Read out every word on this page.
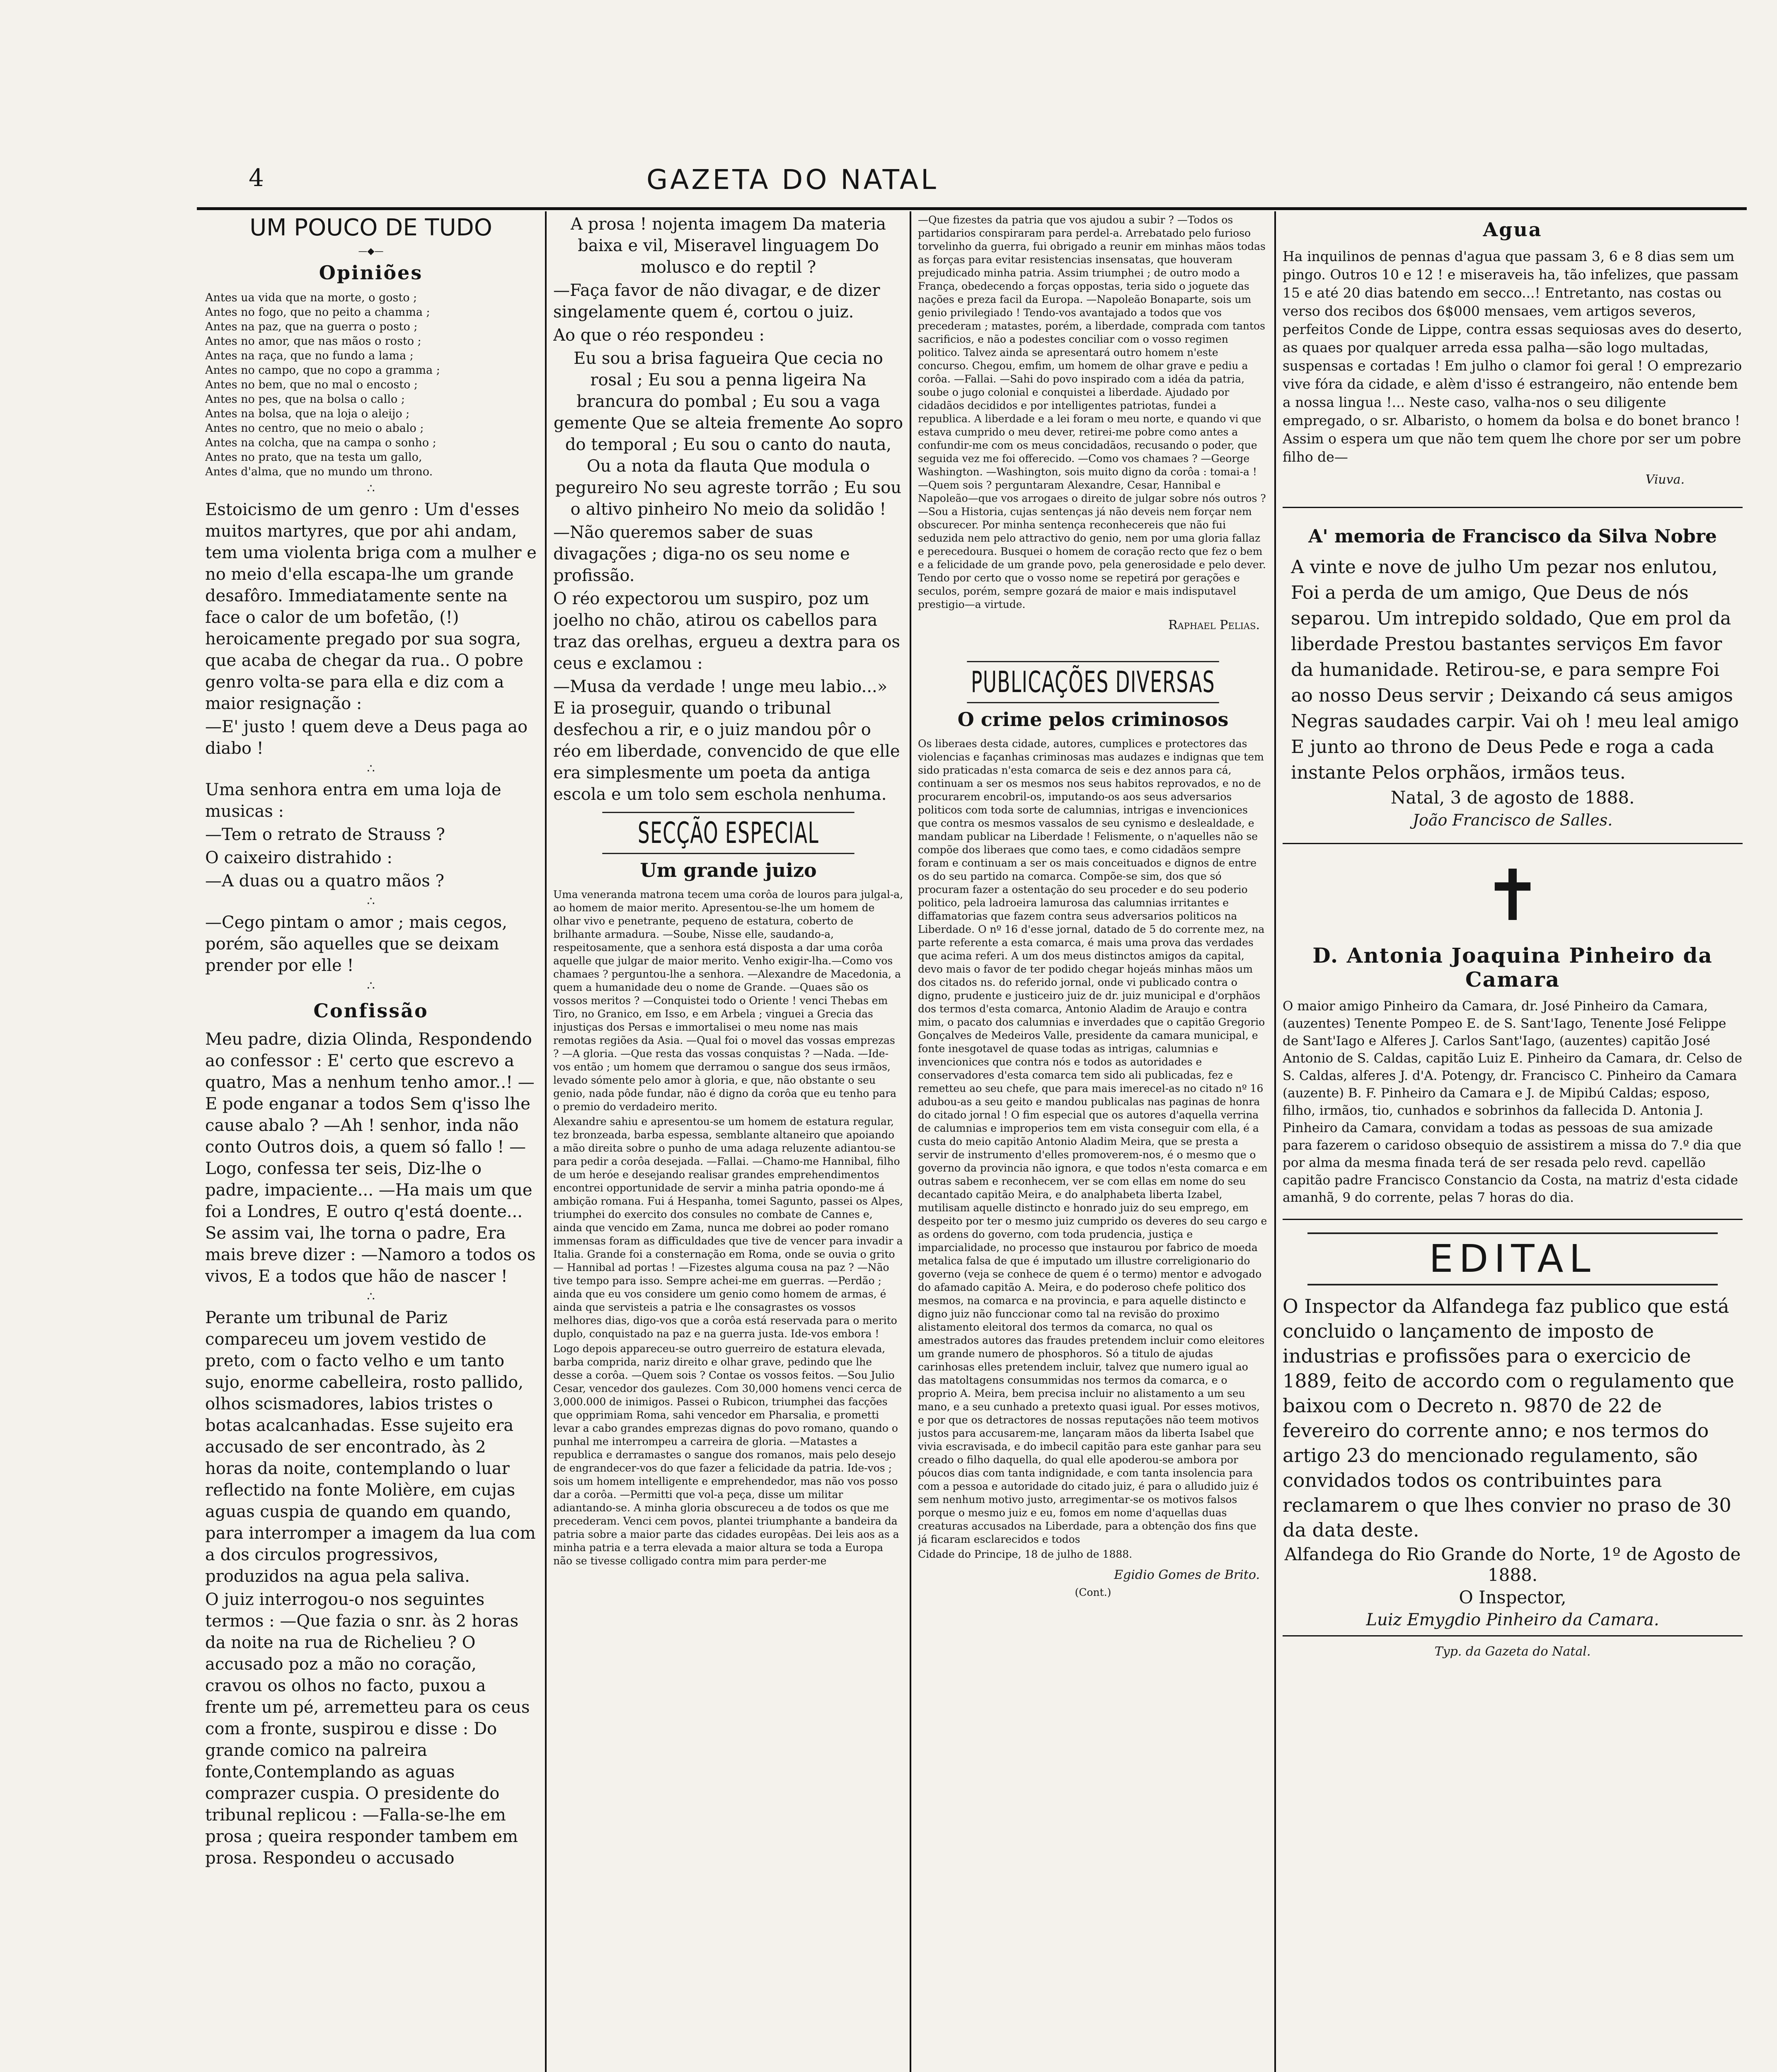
4	GAZETA DO NATAL
UM POUCO DE TUDO
—◆—
Opiniões
Antes ua vida que na morte, o gosto ;
Antes no fogo, que no peito a chamma ;
Antes na paz, que na guerra o posto ;
Antes no amor, que nas mãos o rosto ;
Antes na raça, que no fundo a lama ;
Antes no campo, que no copo a gramma ;
Antes no bem, que no mal o encosto ;
Antes no pes, que na bolsa o callo ;
Antes na bolsa, que na loja o aleijo ;
Antes no centro, que no meio o abalo ;
Antes na colcha, que na campa o sonho ;
Antes no prato, que na testa um gallo,
Antes d'alma, que no mundo um throno.
∴

Estoicismo de um genro : Um d'esses muitos martyres, que por ahi andam, tem uma violenta briga com a mulher e no meio d'ella escapa-lhe um grande desafôro. Immediatamente sente na face o calor de um bofetão, (!) heroicamente pregado por sua sogra, que acaba de chegar da rua.. O pobre genro volta-se para ella e diz com a maior resignação :

—E' justo ! quem deve a Deus paga ao diabo !

∴

Uma senhora entra em uma loja de musicas :

—Tem o retrato de Strauss ?

O caixeiro distrahido :

—A duas ou a quatro mãos ?

∴

—Cego pintam o amor ; mais cegos, porém, são aquelles que se deixam prender por elle !

∴
Confissão

Meu padre, dizia Olinda, Respondendo ao confessor : E' certo que escrevo a quatro, Mas a nenhum tenho amor..! —E pode enganar a todos Sem q'isso lhe cause abalo ? —Ah ! senhor, inda não conto Outros dois, a quem só fallo ! —Logo, confessa ter seis, Diz-lhe o padre, impaciente... —Ha mais um que foi a Londres, E outro q'está doente... Se assim vai, lhe torna o padre, Era mais breve dizer : —Namoro a todos os vivos, E a todos que hão de nascer !

∴

Perante um tribunal de Pariz compareceu um jovem vestido de preto, com o facto velho e um tanto sujo, enorme cabelleira, rosto pallido, olhos scismadores, labios tristes o botas acalcanhadas. Esse sujeito era accusado de ser encontrado, às 2 horas da noite, contemplando o luar reflectido na fonte Molière, em cujas aguas cuspia de quando em quando, para interromper a imagem da lua com a dos circulos progressivos, produzidos na agua pela saliva.

O juiz interrogou-o nos seguintes termos : —Que fazia o snr. às 2 horas da noite na rua de Richelieu ? O accusado poz a mão no coração, cravou os olhos no facto, puxou a frente um pé, arremetteu para os ceus com a fronte, suspirou e disse : Do grande comico na palreira fonte,Contemplando as aguas comprazer cuspia. O presidente do tribunal replicou : —Falla-se-lhe em prosa ; queira responder tambem em prosa. Respondeu o accusado

A prosa ! nojenta imagem Da materia baixa e vil, Miseravel linguagem Do molusco e do reptil ?

—Faça favor de não divagar, e de dizer singelamente quem é, cortou o juiz.

Ao que o réo respondeu :

Eu sou a brisa fagueira Que cecia no rosal ; Eu sou a penna ligeira Na brancura do pombal ; Eu sou a vaga gemente Que se alteia fremente Ao sopro do temporal ; Eu sou o canto do nauta, Ou a nota da flauta Que modula o pegureiro No seu agreste torrão ; Eu sou o altivo pinheiro No meio da solidão !

—Não queremos saber de suas divagações ; diga-no os seu nome e profissão.

O réo expectorou um suspiro, poz um joelho no chão, atirou os cabellos para traz das orelhas, ergueu a dextra para os ceus e exclamou :

—Musa da verdade ! unge meu labio...» E ia proseguir, quando o tribunal desfechou a rir, e o juiz mandou pôr o réo em liberdade, convencido de que elle era simplesmente um poeta da antiga escola e um tolo sem eschola nenhuma.

SECÇÃO ESPECIAL
Um grande juizo

Uma veneranda matrona tecem uma corôa de louros para julgal-a, ao homem de maior merito. Apresentou-se-lhe um homem de olhar vivo e penetrante, pequeno de estatura, coberto de brilhante armadura. —Soube, Nisse elle, saudando-a, respeitosamente, que a senhora está disposta a dar uma corôa aquelle que julgar de maior merito. Venho exigir-lha.—Como vos chamaes ? perguntou-lhe a senhora. —Alexandre de Macedonia, a quem a humanidade deu o nome de Grande. —Quaes são os vossos meritos ? —Conquistei todo o Oriente ! venci Thebas em Tiro, no Granico, em Isso, e em Arbela ; vinguei a Grecia das injustiças dos Persas e immortalisei o meu nome nas mais remotas regiões da Asia. —Qual foi o movel das vossas emprezas ? —A gloria. —Que resta das vossas conquistas ? —Nada. —Ide-vos então ; um homem que derramou o sangue dos seus irmãos, levado sómente pelo amor à gloria, e que, não obstante o seu genio, nada pôde fundar, não é digno da corôa que eu tenho para o premio do verdadeiro merito.

Alexandre sahiu e apresentou-se um homem de estatura regular, tez bronzeada, barba espessa, semblante altaneiro que apoiando a mão direita sobre o punho de uma adaga reluzente adiantou-se para pedir a corôa desejada. —Fallai. —Chamo-me Hannibal, filho de um heróe e desejando realisar grandes emprehendimentos encontrei opportunidade de servir a minha patria opondo-me á ambição romana. Fui á Hespanha, tomei Sagunto, passei os Alpes, triumphei do exercito dos consules no combate de Cannes e, ainda que vencido em Zama, nunca me dobrei ao poder romano immensas foram as difficuldades que tive de vencer para invadir a Italia. Grande foi a consternação em Roma, onde se ouvia o grito — Hannibal ad portas ! —Fizestes alguma cousa na paz ? —Não tive tempo para isso. Sempre achei-me em guerras. —Perdão ; ainda que eu vos considere um genio como homem de armas, é ainda que servisteis a patria e lhe consagrastes os vossos melhores dias, digo-vos que a corôa está reservada para o merito duplo, conquistado na paz e na guerra justa. Ide-vos embora !

Logo depois appareceu-se outro guerreiro de estatura elevada, barba comprida, nariz direito e olhar grave, pedindo que lhe desse a corôa. —Quem sois ? Contae os vossos feitos. —Sou Julio Cesar, vencedor dos gaulezes. Com 30,000 homens venci cerca de 3,000.000 de inimigos. Passei o Rubicon, triumphei das facções que opprimiam Roma, sahi vencedor em Pharsalia, e prometti levar a cabo grandes emprezas dignas do povo romano, quando o punhal me interrompeu a carreira de gloria. —Matastes a republica e derramastes o sangue dos romanos, mais pelo desejo de engrandecer-vos do que fazer a felicidade da patria. Ide-vos ; sois um homem intelligente e emprehendedor, mas não vos posso dar a corôa. —Permitti que vol-a peça, disse um militar adiantando-se. A minha gloria obscureceu a de todos os que me precederam. Venci cem povos, plantei triumphante a bandeira da patria sobre a maior parte das cidades europêas. Dei leis aos as a minha patria e a terra elevada a maior altura se toda a Europa não se tivesse colligado contra mim para perder-me

—Que fizestes da patria que vos ajudou a subir ? —Todos os partidarios conspiraram para perdel-a. Arrebatado pelo furioso torvelinho da guerra, fui obrigado a reunir em minhas mãos todas as forças para evitar resistencias insensatas, que houveram prejudicado minha patria. Assim triumphei ; de outro modo a França, obedecendo a forças oppostas, teria sido o joguete das nações e preza facil da Europa. —Napoleão Bonaparte, sois um genio privilegiado ! Tendo-vos avantajado a todos que vos precederam ; matastes, porém, a liberdade, comprada com tantos sacrificios, e não a podestes conciliar com o vosso regimen politico. Talvez ainda se apresentará outro homem n'este concurso. Chegou, emfim, um homem de olhar grave e pediu a corôa. —Fallai. —Sahi do povo inspirado com a idéa da patria, soube o jugo colonial e conquistei a liberdade. Ajudado por cidadãos decididos e por intelligentes patriotas, fundei a republica. A liberdade e a lei foram o meu norte, e quando vi que estava cumprido o meu dever, retirei-me pobre como antes a confundir-me com os meus concidadãos, recusando o poder, que seguida vez me foi offerecido. —Como vos chamaes ? —George Washington. —Washington, sois muito digno da corôa : tomai-a ! —Quem sois ? perguntaram Alexandre, Cesar, Hannibal e Napoleão—que vos arrogaes o direito de julgar sobre nós outros ? —Sou a Historia, cujas sentenças já não deveis nem forçar nem obscurecer. Por minha sentença reconhecereis que não fui seduzida nem pelo attractivo do genio, nem por uma gloria fallaz e perecedoura. Busquei o homem de coração recto que fez o bem e a felicidade de um grande povo, pela generosidade e pelo dever. Tendo por certo que o vosso nome se repetirá por gerações e seculos, porém, sempre gozará de maior e mais indisputavel prestigio—a virtude.

Raphael Pelias.
PUBLICAÇÕES DIVERSAS
O crime pelos criminosos

Os liberaes desta cidade, autores, cumplices e protectores das violencias e façanhas criminosas mas audazes e indignas que tem sido praticadas n'esta comarca de seis e dez annos para cá, continuam a ser os mesmos nos seus habitos reprovados, e no de procurarem encobril-os, imputando-os aos seus adversarios politicos com toda sorte de calumnias, intrigas e invencionices que contra os mesmos vassalos de seu cynismo e deslealdade, e mandam publicar na Liberdade ! Felismente, o n'aquelles não se compõe dos liberaes que como taes, e como cidadãos sempre foram e continuam a ser os mais conceituados e dignos de entre os do seu partido na comarca. Compõe-se sim, dos que só procuram fazer a ostentação do seu proceder e do seu poderio politico, pela ladroeira lamurosa das calumnias irritantes e diffamatorias que fazem contra seus adversarios politicos na Liberdade. O nº 16 d'esse jornal, datado de 5 do corrente mez, na parte referente a esta comarca, é mais uma prova das verdades que acima referi. A um dos meus distinctos amigos da capital, devo mais o favor de ter podido chegar hojeás minhas mãos um dos citados ns. do referido jornal, onde vi publicado contra o digno, prudente e justiceiro juiz de dr. juiz municipal e d'orphãos dos termos d'esta comarca, Antonio Aladim de Araujo e contra mim, o pacato dos calumnias e inverdades que o capitão Gregorio Gonçalves de Medeiros Valle, presidente da camara municipal, e fonte inesgotavel de quase todas as intrigas, calumnias e invencionices que contra nós e todos as autoridades e conservadores d'esta comarca tem sido ali publicadas, fez e remetteu ao seu chefe, que para mais imerecel-as no citado nº 16 adubou-as a seu geito e mandou publicalas nas paginas de honra do citado jornal ! O fim especial que os autores d'aquella verrina de calumnias e improperios tem em vista conseguir com ella, é a custa do meio capitão Antonio Aladim Meira, que se presta a servir de instrumento d'elles promoverem-nos, é o mesmo que o governo da provincia não ignora, e que todos n'esta comarca e em outras sabem e reconhecem, ver se com ellas em nome do seu decantado capitão Meira, e do analphabeta liberta Izabel, mutilisam aquelle distincto e honrado juiz do seu emprego, em despeito por ter o mesmo juiz cumprido os deveres do seu cargo e as ordens do governo, com toda prudencia, justiça e imparcialidade, no processo que instaurou por fabrico de moeda metalica falsa de que é imputado um illustre correligionario do governo (veja se conhece de quem é o termo) mentor e advogado do afamado capitão A. Meira, e do poderoso chefe politico dos mesmos, na comarca e na provincia, e para aquelle distincto e digno juiz não funccionar como tal na revisão do proximo alistamento eleitoral dos termos da comarca, no qual os amestrados autores das fraudes pretendem incluir como eleitores um grande numero de phosphoros. Só a titulo de ajudas carinhosas elles pretendem incluir, talvez que numero igual ao das matoltagens consummidas nos termos da comarca, e o proprio A. Meira, bem precisa incluir no alistamento a um seu mano, e a seu cunhado a pretexto quasi igual. Por esses motivos, e por que os detractores de nossas reputações não teem motivos justos para accusarem-me, lançaram mãos da liberta Isabel que vivia escravisada, e do imbecil capitão para este ganhar para seu creado o filho daquella, do qual elle apoderou-se ambora por póucos dias com tanta indignidade, e com tanta insolencia para com a pessoa e autoridade do citado juiz, é para o alludido juiz é sem nenhum motivo justo, arregimentar-se os motivos falsos porque o mesmo juiz e eu, fomos em nome d'aquellas duas creaturas accusados na Liberdade, para a obtenção dos fins que já ficaram esclarecidos e todos

Cidade do Principe, 18 de julho de 1888.

Egidio Gomes de Brito.
(Cont.)
Agua

Ha inquilinos de pennas d'agua que passam 3, 6 e 8 dias sem um pingo. Outros 10 e 12 ! e miseraveis ha, tão infelizes, que passam 15 e até 20 dias batendo em secco...! Entretanto, nas costas ou verso dos recibos dos 6$000 mensaes, vem artigos severos, perfeitos Conde de Lippe, contra essas sequiosas aves do deserto, as quaes por qualquer arreda essa palha—são logo multadas, suspensas e cortadas ! Em julho o clamor foi geral ! O emprezario vive fóra da cidade, e alèm d'isso é estrangeiro, não entende bem a nossa lingua !... Neste caso, valha-nos o seu diligente empregado, o sr. Albaristo, o homem da bolsa e do bonet branco ! Assim o espera um que não tem quem lhe chore por ser um pobre filho de—

Viuva.
A' memoria de Francisco da Silva Nobre

A vinte e nove de julho Um pezar nos enlutou, Foi a perda de um amigo, Que Deus de nós separou. Um intrepido soldado, Que em prol da liberdade Prestou bastantes serviços Em favor da humanidade. Retirou-se, e para sempre Foi ao nosso Deus servir ; Deixando cá seus amigos Negras saudades carpir. Vai oh ! meu leal amigo E junto ao throno de Deus Pede e roga a cada instante Pelos orphãos, irmãos teus.

Natal, 3 de agosto de 1888.

João Francisco de Salles.

✝
D. Antonia Joaquina Pinheiro da Camara

O maior amigo Pinheiro da Camara, dr. José Pinheiro da Camara, (auzentes) Tenente Pompeo E. de S. Sant'Iago, Tenente José Felippe de Sant'Iago e Alferes J. Carlos Sant'Iago, (auzentes) capitão José Antonio de S. Caldas, capitão Luiz E. Pinheiro da Camara, dr. Celso de S. Caldas, alferes J. d'A. Potengy, dr. Francisco C. Pinheiro da Camara (auzente) B. F. Pinheiro da Camara e J. de Mipibú Caldas; esposo, filho, irmãos, tio, cunhados e sobrinhos da fallecida D. Antonia J. Pinheiro da Camara, convidam a todas as pessoas de sua amizade para fazerem o caridoso obsequio de assistirem a missa do 7.º dia que por alma da mesma finada terá de ser resada pelo revd. capellão capitão padre Francisco Constancio da Costa, na matriz d'esta cidade amanhã, 9 do corrente, pelas 7 horas do dia.

EDITAL

O Inspector da Alfandega faz publico que está concluido o lançamento de imposto de industrias e profissões para o exercicio de 1889, feito de accordo com o regulamento que baixou com o Decreto n. 9870 de 22 de fevereiro do corrente anno; e nos termos do artigo 23 do mencionado regulamento, são convidados todos os contribuintes para reclamarem o que lhes convier no praso de 30 da data deste.

Alfandega do Rio Grande do Norte, 1º de Agosto de 1888.

O Inspector,

Luiz Emygdio Pinheiro da Camara.

Typ. da Gazeta do Natal.
